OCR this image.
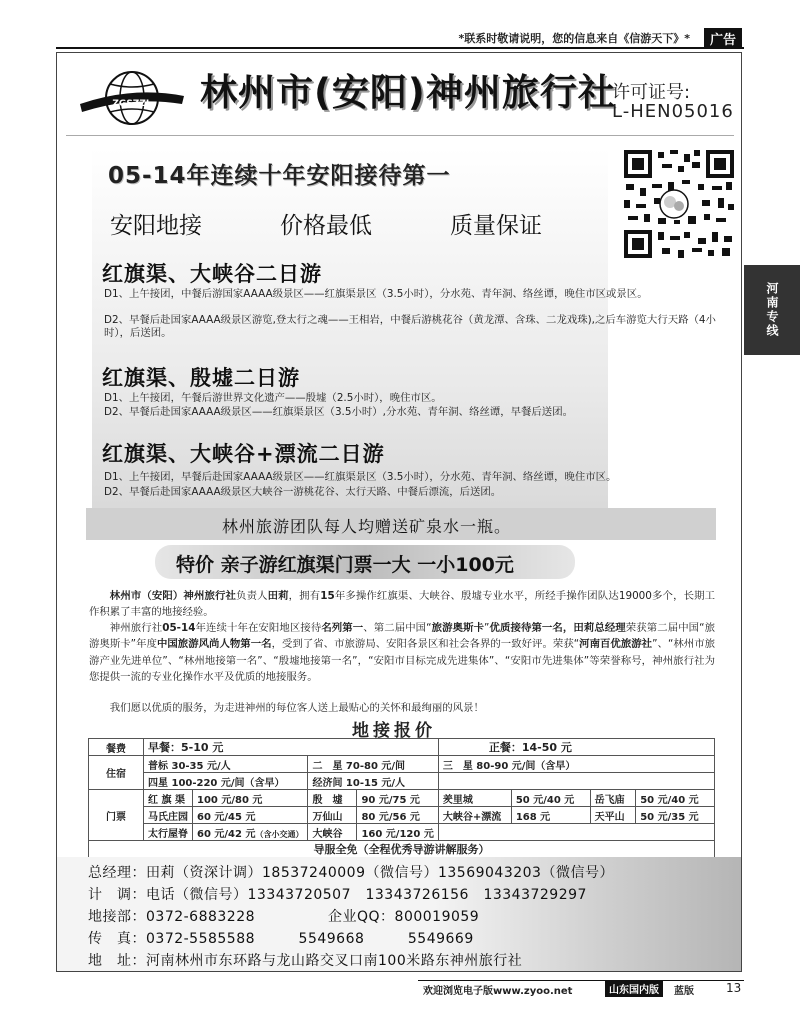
*联系时敬请说明，您的信息来自《信游天下》*	广告
河南专线
ZGSZZL 林州市(安阳)神州旅行社
许可证号:
L-HEN05016
05-14年连续十年安阳接待第一
安阳地接	价格最低	质量保证
红旗渠、大峡谷二日游
D1、上午接团，中餐后游国家AAAA级景区——红旗渠景区（3.5小时），分水苑、青年洞、络丝谭，晚住市区或景区。
D2、早餐后赴国家AAAA级景区游览,登太行之魂——王相岩，中餐后游桃花谷（黄龙潭、含珠、二龙戏珠),之后车游览大行天路（4小时），后送团。
红旗渠、殷墟二日游
D1、上午接团，午餐后游世界文化遗产——殷墟（2.5小时），晚住市区。
D2、早餐后赴国家AAAA级景区——红旗渠景区（3.5小时）,分水苑、青年洞、络丝谭，早餐后送团。
红旗渠、大峡谷+漂流二日游
D1、上午接团，早餐后赴国家AAAA级景区——红旗渠景区（3.5小时），分水苑、青年洞、络丝谭，晚住市区。
D2、早餐后赴国家AAAA级景区大峡谷一游桃花谷、太行天路、中餐后漂流，后送团。
林州旅游团队每人均赠送矿泉水一瓶。
特价 亲子游红旗渠门票一大 一小100元
林州市（安阳）神州旅行社负责人田莉，拥有15年多操作红旗渠、大峡谷、殷墟专业水平，所经手操作团队达19000多个，长期工作积累了丰富的地接经验。
神州旅行社05-14年连续十年在安阳地区接待名列第一、第二届中国“旅游奥斯卡”优质接待第一名，田莉总经理荣获第二届中国“旅游奥斯卡”年度中国旅游风尚人物第一名，受到了省、市旅游局、安阳各景区和社会各界的一致好评。荣获“河南百优旅游社”、“林州市旅游产业先进单位”、“林州地接第一名”、“殷墟地接第一名”，“安阳市目标完成先进集体”、“安阳市先进集体”等荣誉称号，神州旅行社为您提供一流的专业化操作水平及优质的地接服务。
我们愿以优质的服务，为走进神州的每位客人送上最贴心的关怀和最绚丽的风景！
地接报价
餐费	早餐：5-10 元				正餐：14-50 元			
住宿	普标 30-35 元/人		二　星 70-80 元/间		三　星 80-90 元/间（含早）			
	四星 100-220 元/间（含早）		经济间 10-15 元/人					
门票	红 旗 渠	100 元/80 元	殷　墟	90 元/75 元	羑里城	50 元/40 元	岳飞庙	50 元/40 元
	马氏庄园	60 元/45 元	万仙山	80 元/56 元	大峡谷+漂流	168 元	天平山	50 元/35 元
	太行屋脊	60 元/42 元（含小交通）	大峡谷	160 元/120 元				
导服全免（全程优秀导游讲解服务）								
总经理：田莉（资深计调）18537240009（微信号）13569043203（微信号）
计　调：电话（微信号）13343720507　13343726156　13343729297
地接部：0372-6883228	企业QQ：800019059
传　真：0372-5585588　　　5549668　　　5549669
地　址：河南林州市东环路与龙山路交叉口南100米路东神州旅行社
欢迎浏览电子版www.zyoo.net	山东国内版	蓝版	13
